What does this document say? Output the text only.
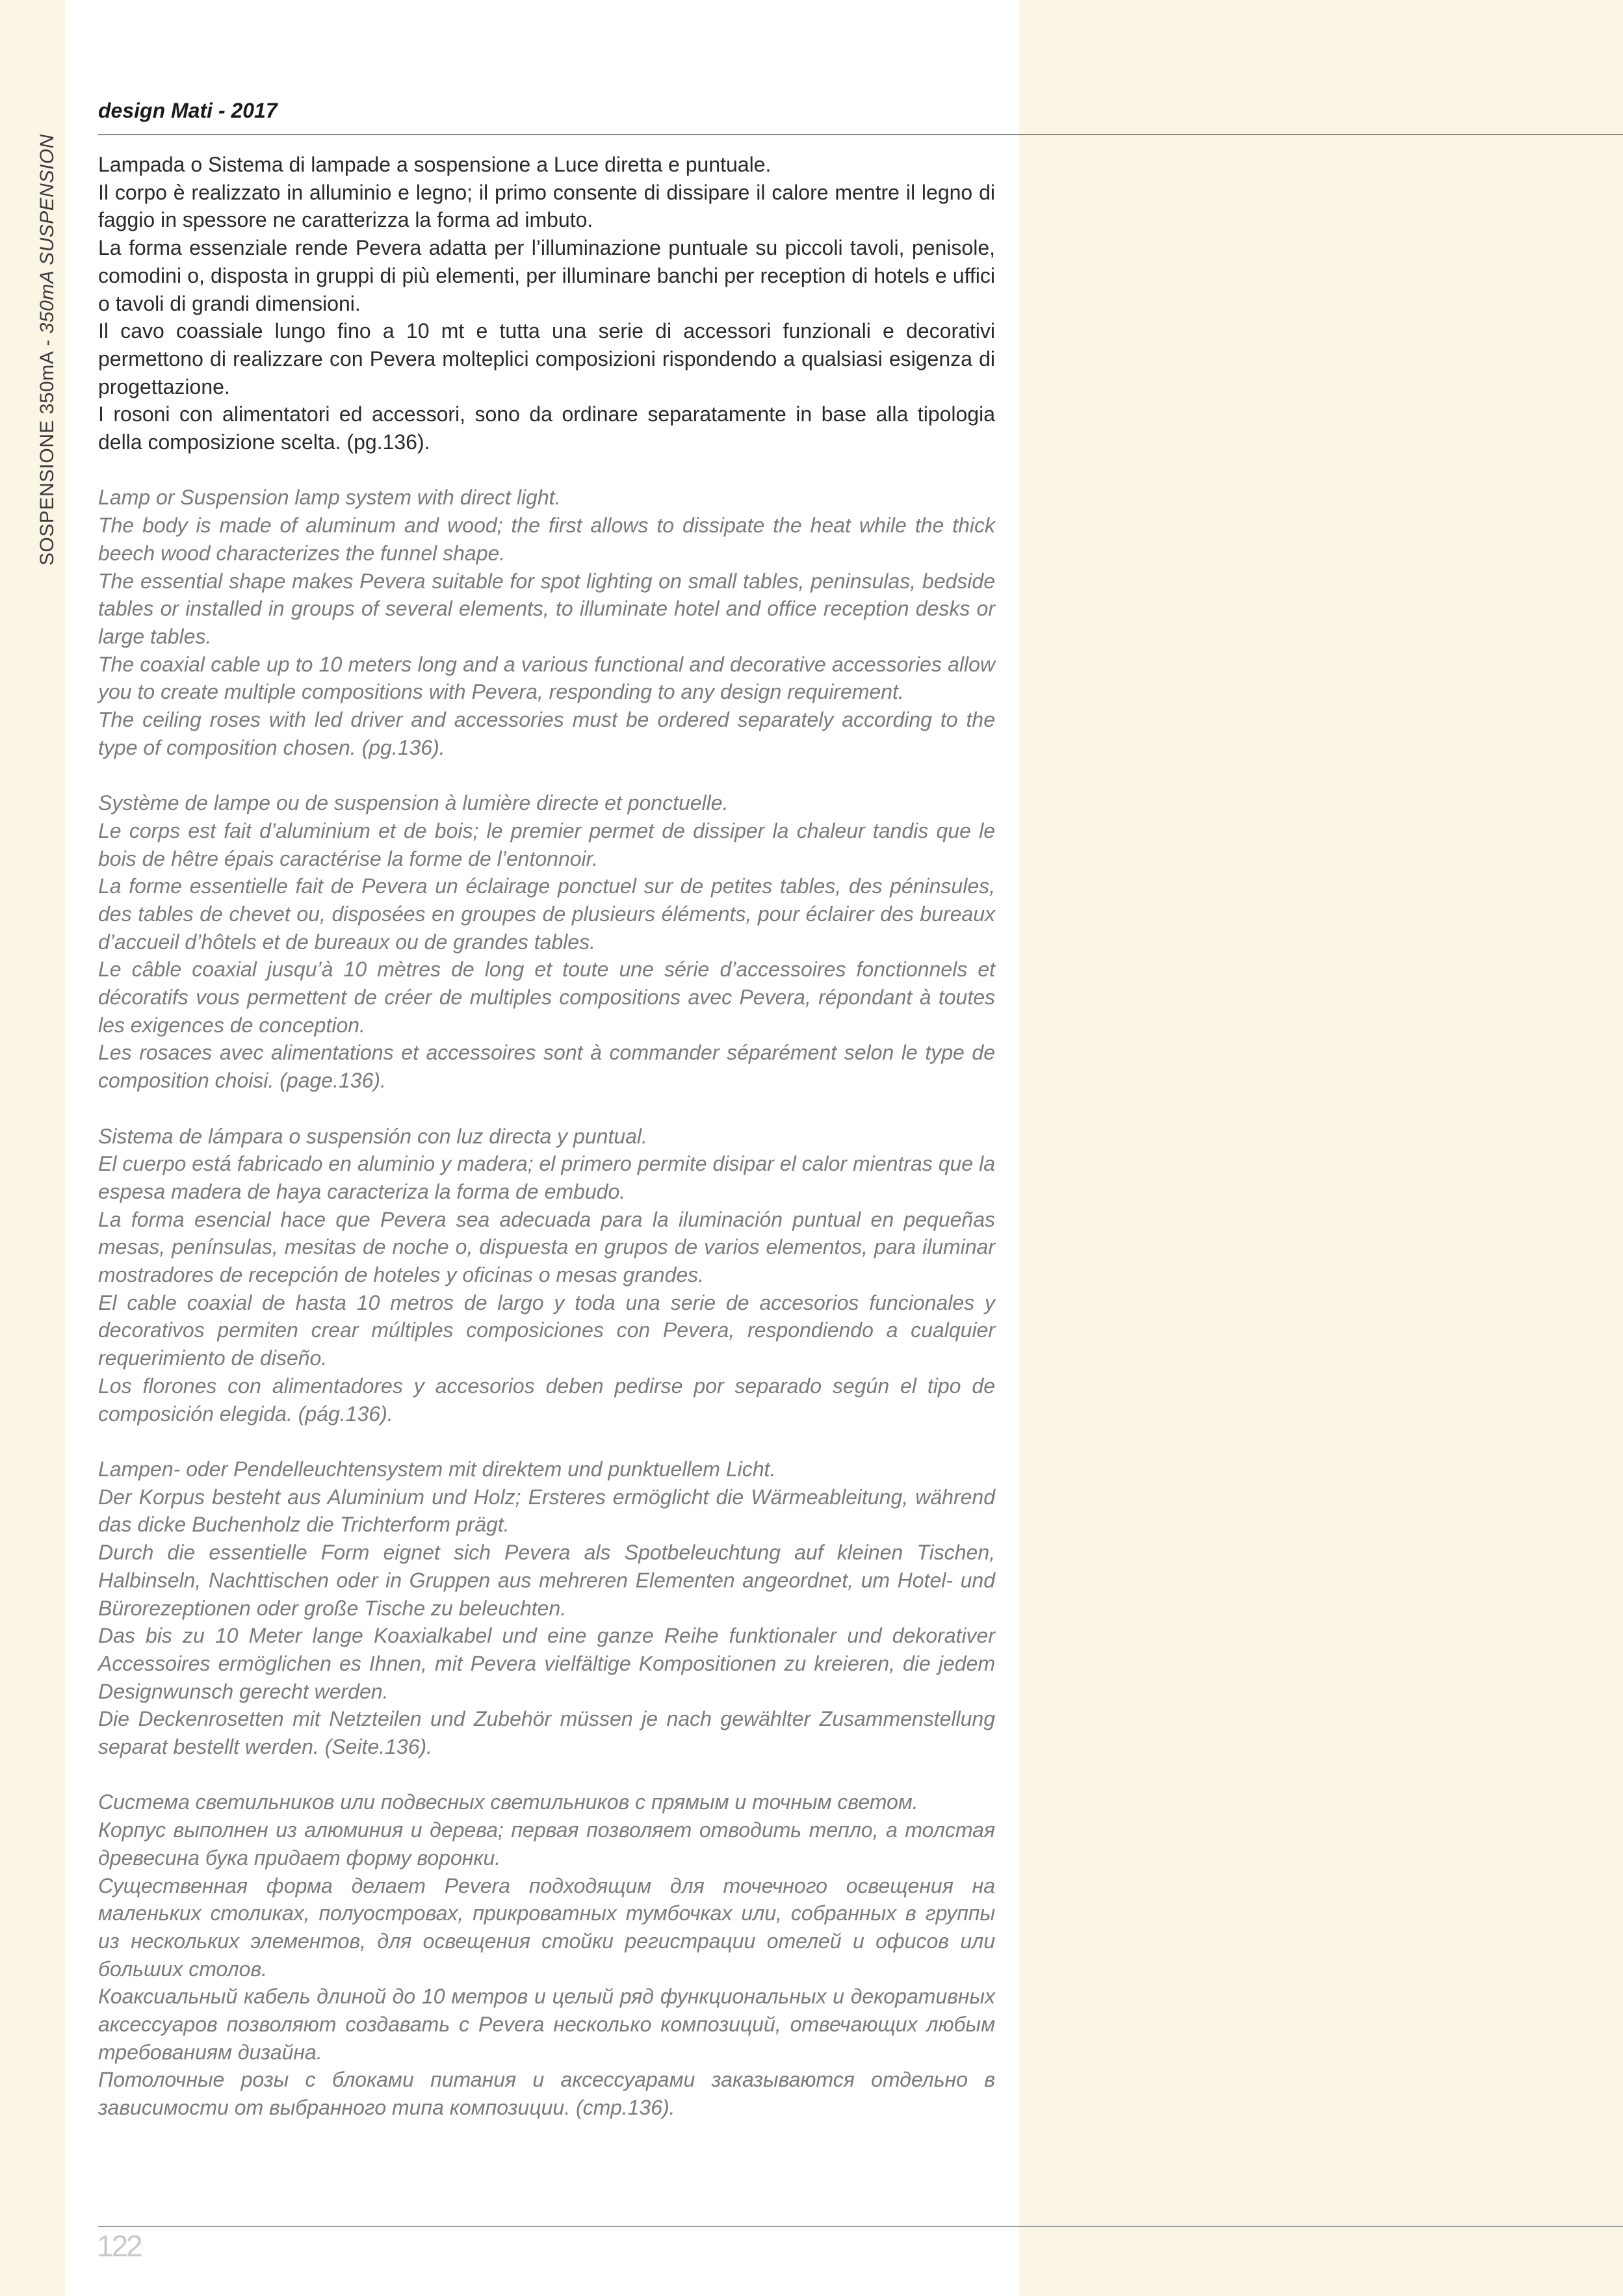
SOSPENSIONE 350mA - 350mA SUSPENSION
design Mati - 2017

Lampada o Sistema di lampade a sospensione a Luce diretta e puntuale.
Il corpo è realizzato in alluminio e legno; il primo consente di dissipare il calore mentre il legno di faggio in spessore ne caratterizza la forma ad imbuto.
La forma essenziale rende Pevera adatta per l’illuminazione puntuale su piccoli tavoli, penisole, comodini o, disposta in gruppi di più elementi, per illuminare banchi per reception di hotels e uffici o tavoli di grandi dimensioni.
Il cavo coassiale lungo fino a 10 mt e tutta una serie di accessori funzionali e decorativi permettono di realizzare con Pevera molteplici composizioni rispondendo a qualsiasi esigenza di progettazione.
I rosoni con alimentatori ed accessori, sono da ordinare separatamente in base alla tipologia della composizione scelta. (pg.136).

Lamp or Suspension lamp system with direct light.
The body is made of aluminum and wood; the first allows to dissipate the heat while the thick beech wood characterizes the funnel shape.
The essential shape makes Pevera suitable for spot lighting on small tables, peninsulas, bedside tables or installed in groups of several elements, to illuminate hotel and office reception desks or large tables.
The coaxial cable up to 10 meters long and a various functional and decorative accessories allow you to create multiple compositions with Pevera, responding to any design requirement.
The ceiling roses with led driver and accessories must be ordered separately according to the type of composition chosen. (pg.136).

Système de lampe ou de suspension à lumière directe et ponctuelle.
Le corps est fait d’aluminium et de bois; le premier permet de dissiper la chaleur tandis que le bois de hêtre épais caractérise la forme de l’entonnoir.
La forme essentielle fait de Pevera un éclairage ponctuel sur de petites tables, des péninsules, des tables de chevet ou, disposées en groupes de plusieurs éléments, pour éclairer des bureaux d’accueil d’hôtels et de bureaux ou de grandes tables.
Le câble coaxial jusqu’à 10 mètres de long et toute une série d’accessoires fonctionnels et décoratifs vous permettent de créer de multiples compositions avec Pevera, répondant à toutes les exigences de conception.
Les rosaces avec alimentations et accessoires sont à commander séparément selon le type de composition choisi. (page.136).

Sistema de lámpara o suspensión con luz directa y puntual.
El cuerpo está fabricado en aluminio y madera; el primero permite disipar el calor mientras que la espesa madera de haya caracteriza la forma de embudo.
La forma esencial hace que Pevera sea adecuada para la iluminación puntual en pequeñas mesas, penínsulas, mesitas de noche o, dispuesta en grupos de varios elementos, para iluminar mostradores de recepción de hoteles y oficinas o mesas grandes.
El cable coaxial de hasta 10 metros de largo y toda una serie de accesorios funcionales y decorativos permiten crear múltiples composiciones con Pevera, respondiendo a cualquier requerimiento de diseño.
Los florones con alimentadores y accesorios deben pedirse por separado según el tipo de composición elegida. (pág.136).

Lampen- oder Pendelleuchtensystem mit direktem und punktuellem Licht.
Der Korpus besteht aus Aluminium und Holz; Ersteres ermöglicht die Wärmeableitung, während das dicke Buchenholz die Trichterform prägt.
Durch die essentielle Form eignet sich Pevera als Spotbeleuchtung auf kleinen Tischen, Halbinseln, Nachttischen oder in Gruppen aus mehreren Elementen angeordnet, um Hotel- und Bürorezeptionen oder große Tische zu beleuchten.
Das bis zu 10 Meter lange Koaxialkabel und eine ganze Reihe funktionaler und dekorativer Accessoires ermöglichen es Ihnen, mit Pevera vielfältige Kompositionen zu kreieren, die jedem Designwunsch gerecht werden.
Die Deckenrosetten mit Netzteilen und Zubehör müssen je nach gewählter Zusammenstellung separat bestellt werden. (Seite.136).

Система светильников или подвесных светильников с прямым и точным светом.
Корпус выполнен из алюминия и дерева; первая позволяет отводить тепло, а толстая древесина бука придает форму воронки.
Существенная форма делает Pevera подходящим для точечного освещения на маленьких столиках, полуостровах, прикроватных тумбочках или, собранных в группы из нескольких элементов, для освещения стойки регистрации отелей и офисов или больших столов.
Коаксиальный кабель длиной до 10 метров и целый ряд функциональных и декоративных аксессуаров позволяют создавать с Pevera несколько композиций, отвечающих любым требованиям дизайна.
Потолочные розы с блоками питания и аксессуарами заказываются отдельно в зависимости от выбранного типа композиции. (стр.136).

122
